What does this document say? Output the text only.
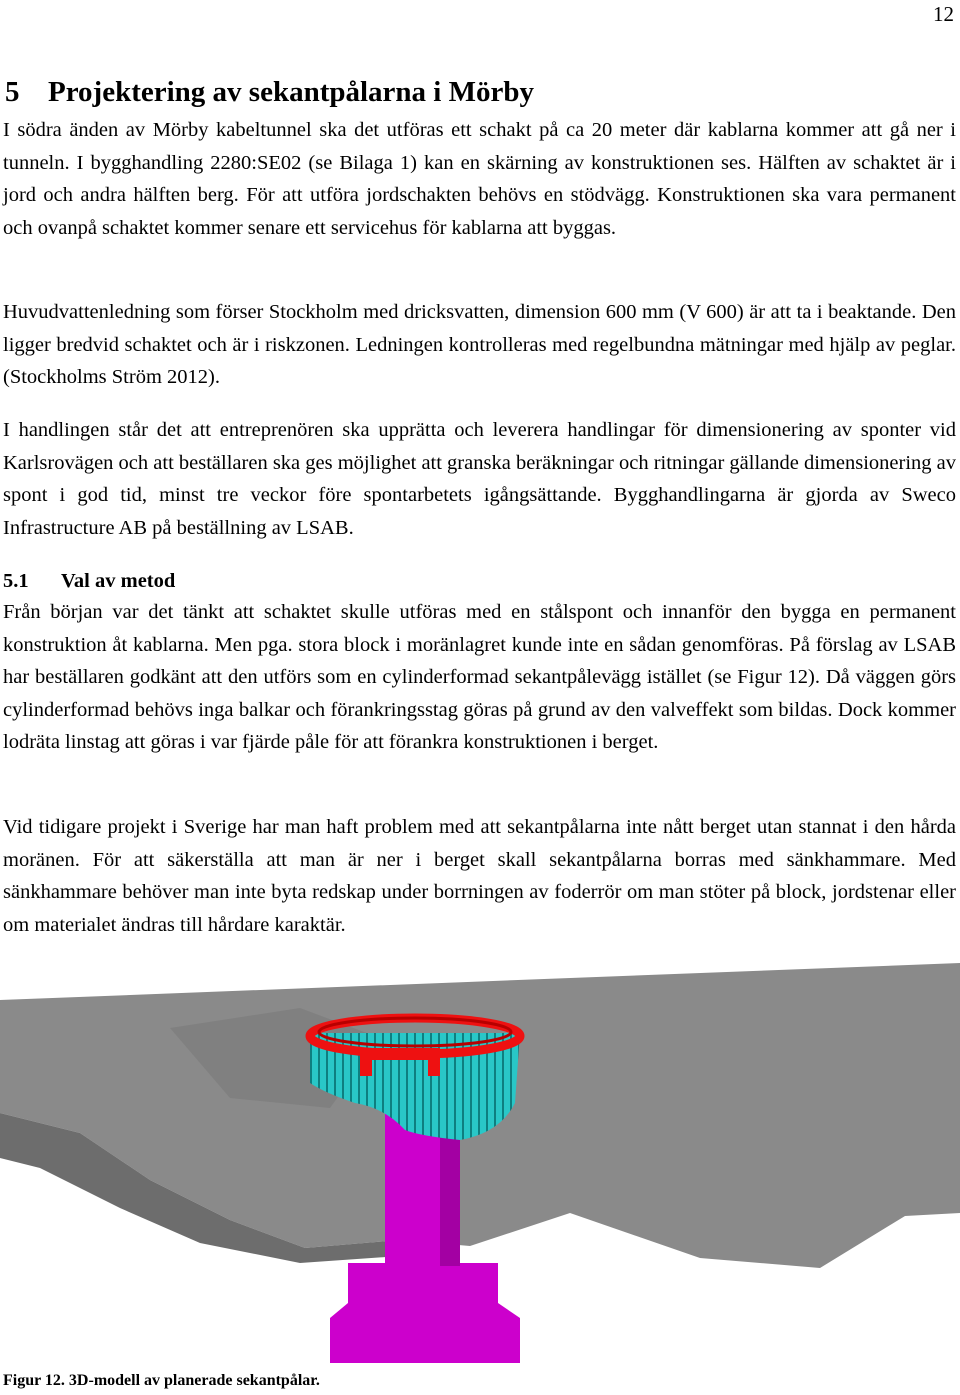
12
5 Projektering av sekantpålarna i Mörby

I södra änden av Mörby kabeltunnel ska det utföras ett schakt på ca 20 meter där kablarna kommer att gå ner i tunneln. I bygghandling 2280:SE02 (se Bilaga 1) kan en skärning av konstruktionen ses. Hälften av schaktet är i jord och andra hälften berg. För att utföra jordschakten behövs en stödvägg. Konstruktionen ska vara permanent och ovanpå schaktet kommer senare ett servicehus för kablarna att byggas.

Huvudvattenledning som förser Stockholm med dricksvatten, dimension 600 mm (V 600) är att ta i beaktande. Den ligger bredvid schaktet och är i riskzonen. Ledningen kontrolleras med regelbundna mätningar med hjälp av peglar. (Stockholms Ström 2012).

I handlingen står det att entreprenören ska upprätta och leverera handlingar för dimensionering av sponter vid Karlsrovägen och att beställaren ska ges möjlighet att granska beräkningar och ritningar gällande dimensionering av spont i god tid, minst tre veckor före spontarbetets igångsättande. Bygghandlingarna är gjorda av Sweco Infrastructure AB på beställning av LSAB.

5.1 Val av metod

Från början var det tänkt att schaktet skulle utföras med en stålspont och innanför den bygga en permanent konstruktion åt kablarna. Men pga. stora block i moränlagret kunde inte en sådan genomföras. På förslag av LSAB har beställaren godkänt att den utförs som en cylinderformad sekantpålevägg istället (se Figur 12). Då väggen görs cylinderformad behövs inga balkar och förankringsstag göras på grund av den valveffekt som bildas. Dock kommer lodräta linstag att göras i var fjärde påle för att förankra konstruktionen i berget.

Vid tidigare projekt i Sverige har man haft problem med att sekantpålarna inte nått berget utan stannat i den hårda moränen. För att säkerställa att man är ner i berget skall sekantpålarna borras med sänkhammare. Med sänkhammare behöver man inte byta redskap under borrningen av foderrör om man stöter på block, jordstenar eller om materialet ändras till hårdare karaktär.

Figur 12. 3D-modell av planerade sekantpålar.
